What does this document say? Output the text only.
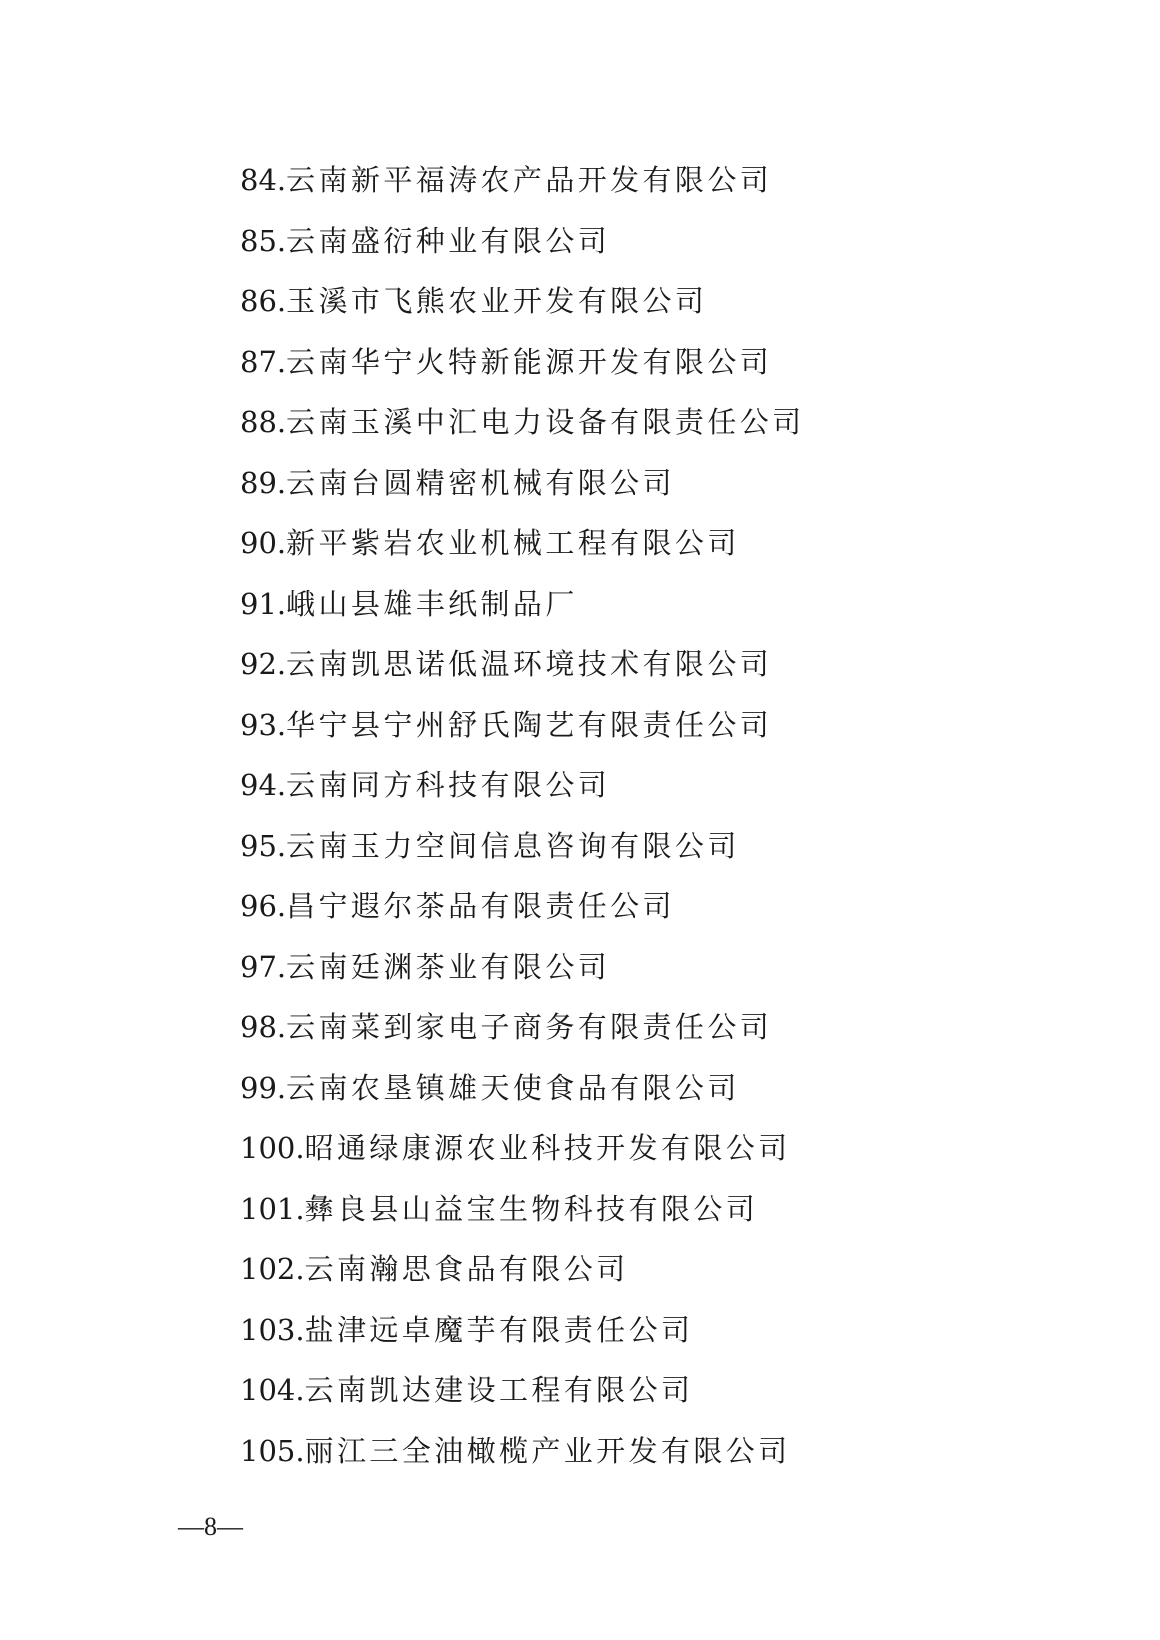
84.云南新平福涛农产品开发有限公司
85.云南盛衍种业有限公司
86.玉溪市飞熊农业开发有限公司
87.云南华宁火特新能源开发有限公司
88.云南玉溪中汇电力设备有限责任公司
89.云南台圆精密机械有限公司
90.新平紫岩农业机械工程有限公司
91.峨山县雄丰纸制品厂
92.云南凯思诺低温环境技术有限公司
93.华宁县宁州舒氏陶艺有限责任公司
94.云南同方科技有限公司
95.云南玉力空间信息咨询有限公司
96.昌宁遐尔茶品有限责任公司
97.云南廷渊茶业有限公司
98.云南菜到家电子商务有限责任公司
99.云南农垦镇雄天使食品有限公司
100.昭通绿康源农业科技开发有限公司
101.彝良县山益宝生物科技有限公司
102.云南瀚思食品有限公司
103.盐津远卓魔芋有限责任公司
104.云南凯达建设工程有限公司
105.丽江三全油橄榄产业开发有限公司
—8—
